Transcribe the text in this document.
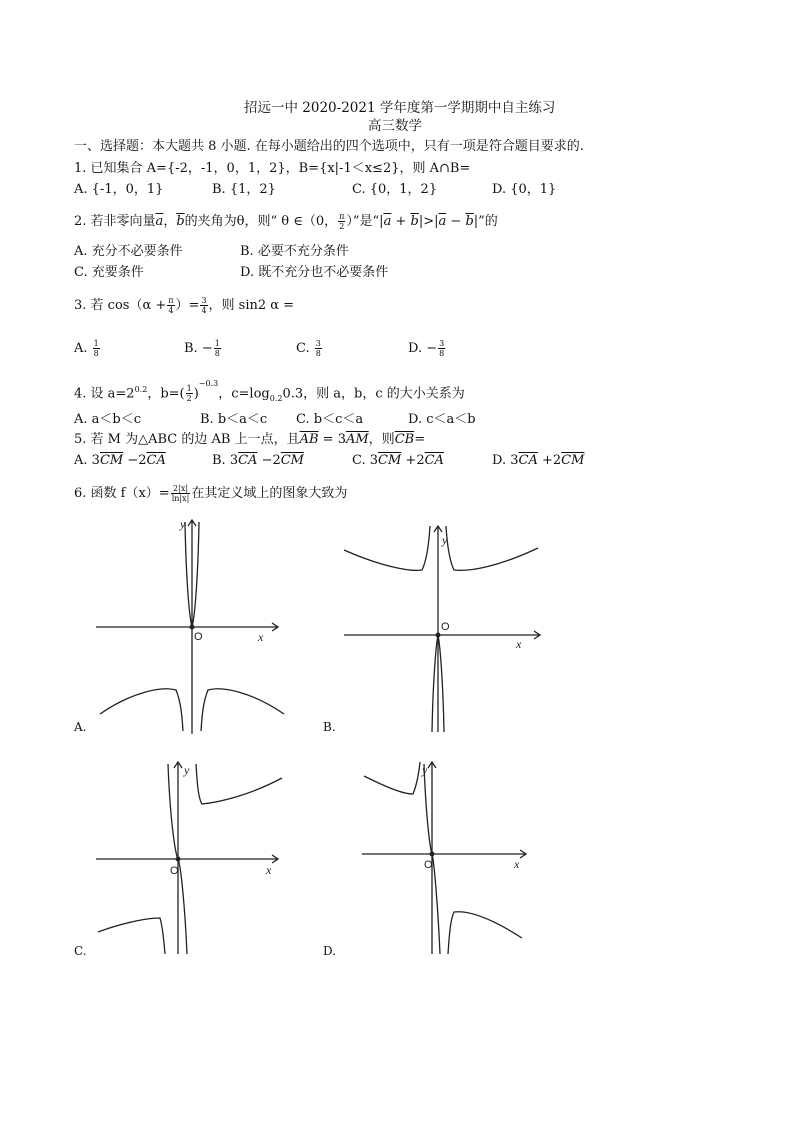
招远一中 2020-2021 学年度第一学期期中自主练习
高三数学
一、选择题：本大题共 8 小题. 在每小题给出的四个选项中，只有一项是符合题目要求的.
1. 已知集合 A={-2，-1，0，1，2}，B={x|-1＜x≤2}，则 A∩B=
A. {-1，0，1}	B. {1，2}	C. {0，1，2}	D. {0，1}
2. 若非零向量$\overline{a}$，$\overline{b}$的夹角为θ，则“ θ ∈（0， $\frac{\pi}{2}$ ）”是“$|\overline{a} + \overline{b}|>|\overline{a} - \overline{b}|$”的
A. 充分不必要条件	B. 必要不充分条件
C. 充要条件	D. 既不充分也不必要条件
3. 若 $\cos(\alpha + \frac{\pi}{4}$ ）= $\frac{3}{4}$ ，则 sin2 α =
A. $\frac{1}{8}$	B. − $\frac{1}{8}$	C. $\frac{3}{8}$	D. − $\frac{3}{8}$
4. 设 $a=2^{0.2}$，$b=( \frac{1}{2} )^{-0.3}$，$c=\log_{0.2}0.3$，则 a，b，c 的大小关系为
A. a＜b＜c	B. b＜a＜c C. b＜c＜a	D. c＜a＜b
5. 若 M 为△ABC 的边 AB 上一点，且$\overline{AB} = 3\overline{AM}$，则$\overline{CB}=$
A. $3\overline{CM} -2\overline{CA}$	B. $3\overline{CA} -2\overline{CM}$	C. $3\overline{CM} +2\overline{CA}$	D. $3\overline{CA} +2\overline{CM}$
6. 函数 $f(x)= \frac{2|x|}{\ln|x|}$ 在其定义域上的图象大致为
O	x
y
A.
O
x
y
B.
O	x
y
C.
O	x
y
D.
